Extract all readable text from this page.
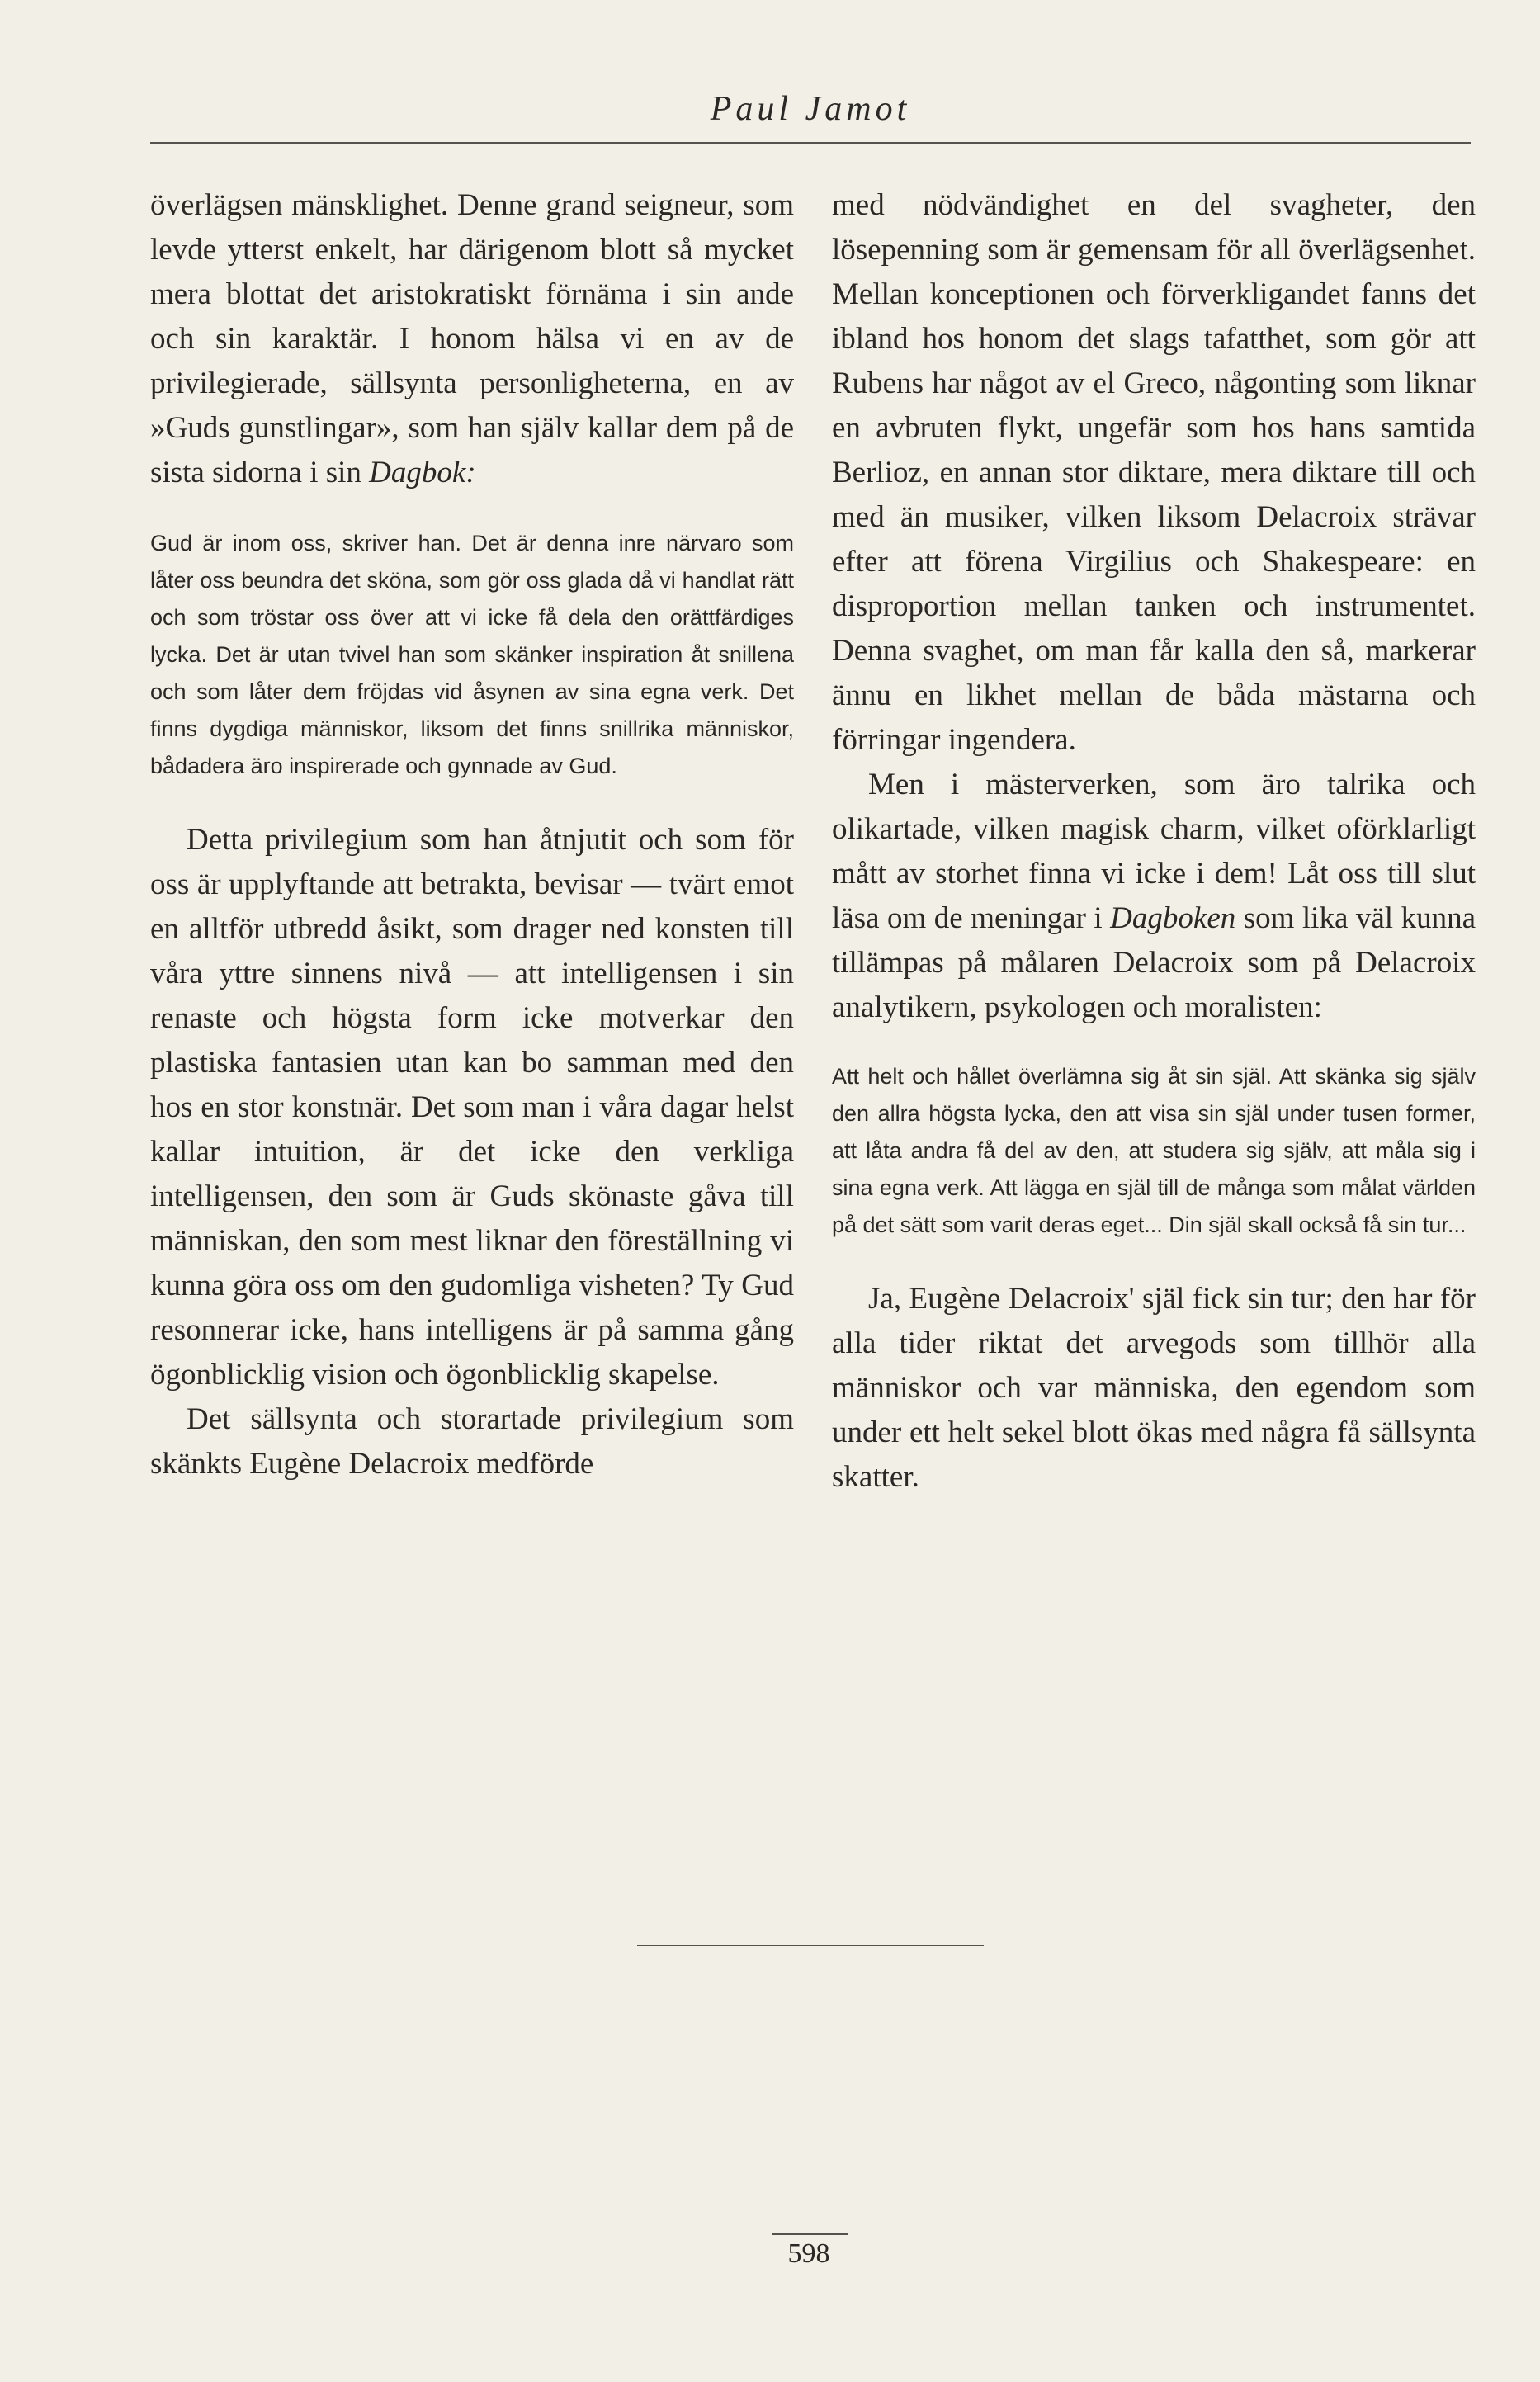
Paul Jamot

överlägsen mänsklighet. Denne grand seigneur, som levde ytterst enkelt, har därigenom blott så mycket mera blottat det aristokratiskt förnäma i sin ande och sin karaktär. I honom hälsa vi en av de privilegierade, sällsynta personligheterna, en av »Guds gunstlingar», som han själv kallar dem på de sista sidorna i sin Dagbok:

Gud är inom oss, skriver han. Det är denna inre närvaro som låter oss beundra det sköna, som gör oss glada då vi handlat rätt och som tröstar oss över att vi icke få dela den orättfärdiges lycka. Det är utan tvivel han som skänker inspiration åt snillena och som låter dem fröjdas vid åsynen av sina egna verk. Det finns dygdiga människor, liksom det finns snillrika människor, bådadera äro inspirerade och gynnade av Gud.

Detta privilegium som han åtnjutit och som för oss är upplyftande att betrakta, bevisar — tvärt emot en alltför utbredd åsikt, som drager ned konsten till våra yttre sinnens nivå — att intelligensen i sin renaste och högsta form icke motverkar den plastiska fantasien utan kan bo samman med den hos en stor konstnär. Det som man i våra dagar helst kallar intuition, är det icke den verkliga intelligensen, den som är Guds skönaste gåva till människan, den som mest liknar den föreställning vi kunna göra oss om den gudomliga visheten? Ty Gud resonnerar icke, hans intelligens är på samma gång ögonblicklig vision och ögonblicklig skapelse.

Det sällsynta och storartade privilegium som skänkts Eugène Delacroix medförde

med nödvändighet en del svagheter, den lösepenning som är gemensam för all överlägsenhet. Mellan konceptionen och förverkligandet fanns det ibland hos honom det slags tafatthet, som gör att Rubens har något av el Greco, någonting som liknar en avbruten flykt, ungefär som hos hans samtida Berlioz, en annan stor diktare, mera diktare till och med än musiker, vilken liksom Delacroix strävar efter att förena Virgilius och Shakespeare: en disproportion mellan tanken och instrumentet. Denna svaghet, om man får kalla den så, markerar ännu en likhet mellan de båda mästarna och förringar ingendera.

Men i mästerverken, som äro talrika och olikartade, vilken magisk charm, vilket oförklarligt mått av storhet finna vi icke i dem! Låt oss till slut läsa om de meningar i Dagboken som lika väl kunna tillämpas på målaren Delacroix som på Delacroix analytikern, psykologen och moralisten:

Att helt och hållet överlämna sig åt sin själ. Att skänka sig själv den allra högsta lycka, den att visa sin själ under tusen former, att låta andra få del av den, att studera sig själv, att måla sig i sina egna verk. Att lägga en själ till de många som målat världen på det sätt som varit deras eget... Din själ skall också få sin tur...

Ja, Eugène Delacroix' själ fick sin tur; den har för alla tider riktat det arvegods som tillhör alla människor och var människa, den egendom som under ett helt sekel blott ökas med några få sällsynta skatter.

598
